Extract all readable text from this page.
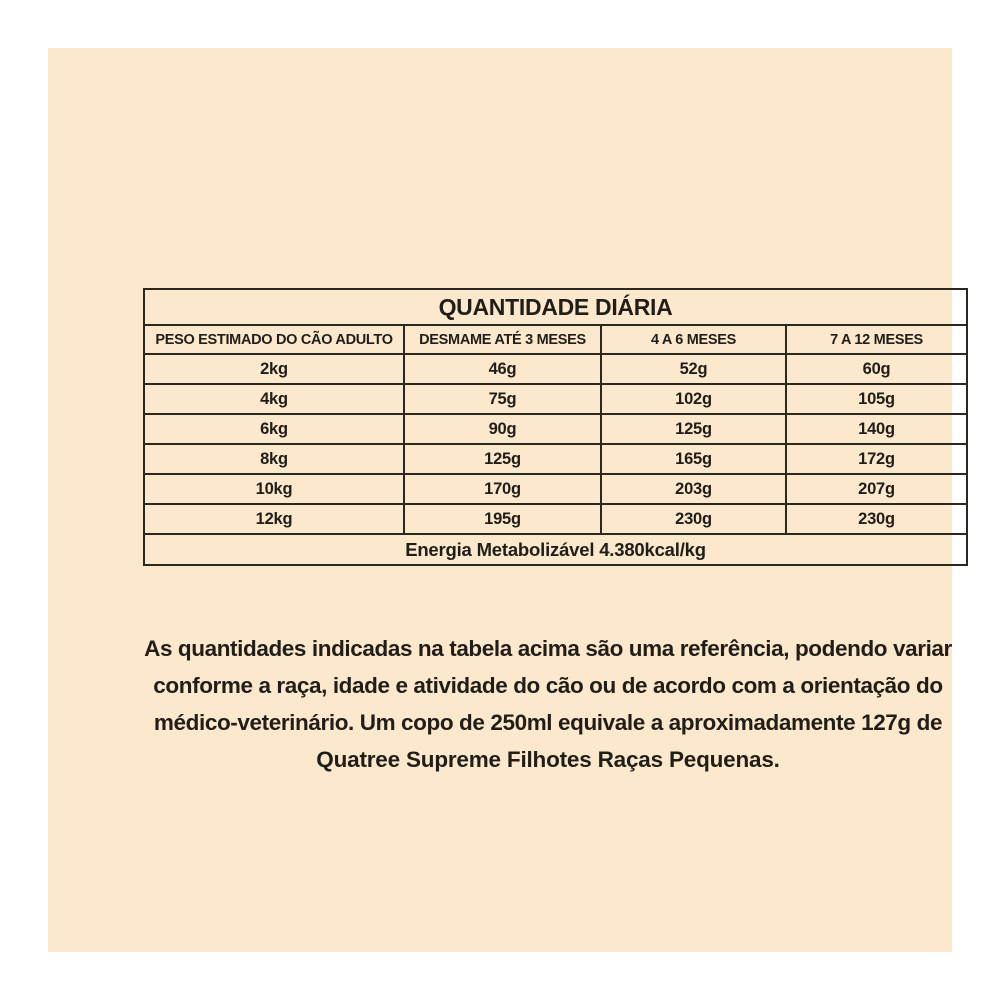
QUANTIDADE DIÁRIA			
PESO ESTIMADO DO CÃO ADULTO	DESMAME ATÉ 3 MESES	4 A 6 MESES	7 A 12 MESES
2kg	46g	52g	60g
4kg	75g	102g	105g
6kg	90g	125g	140g
8kg	125g	165g	172g
10kg	170g	203g	207g
12kg	195g	230g	230g
Energia Metabolizável 4.380kcal/kg			
As quantidades indicadas na tabela acima são uma referência, podendo variar
conforme a raça, idade e atividade do cão ou de acordo com a orientação do
médico-veterinário. Um copo de 250ml equivale a aproximadamente 127g de
Quatree Supreme Filhotes Raças Pequenas.
